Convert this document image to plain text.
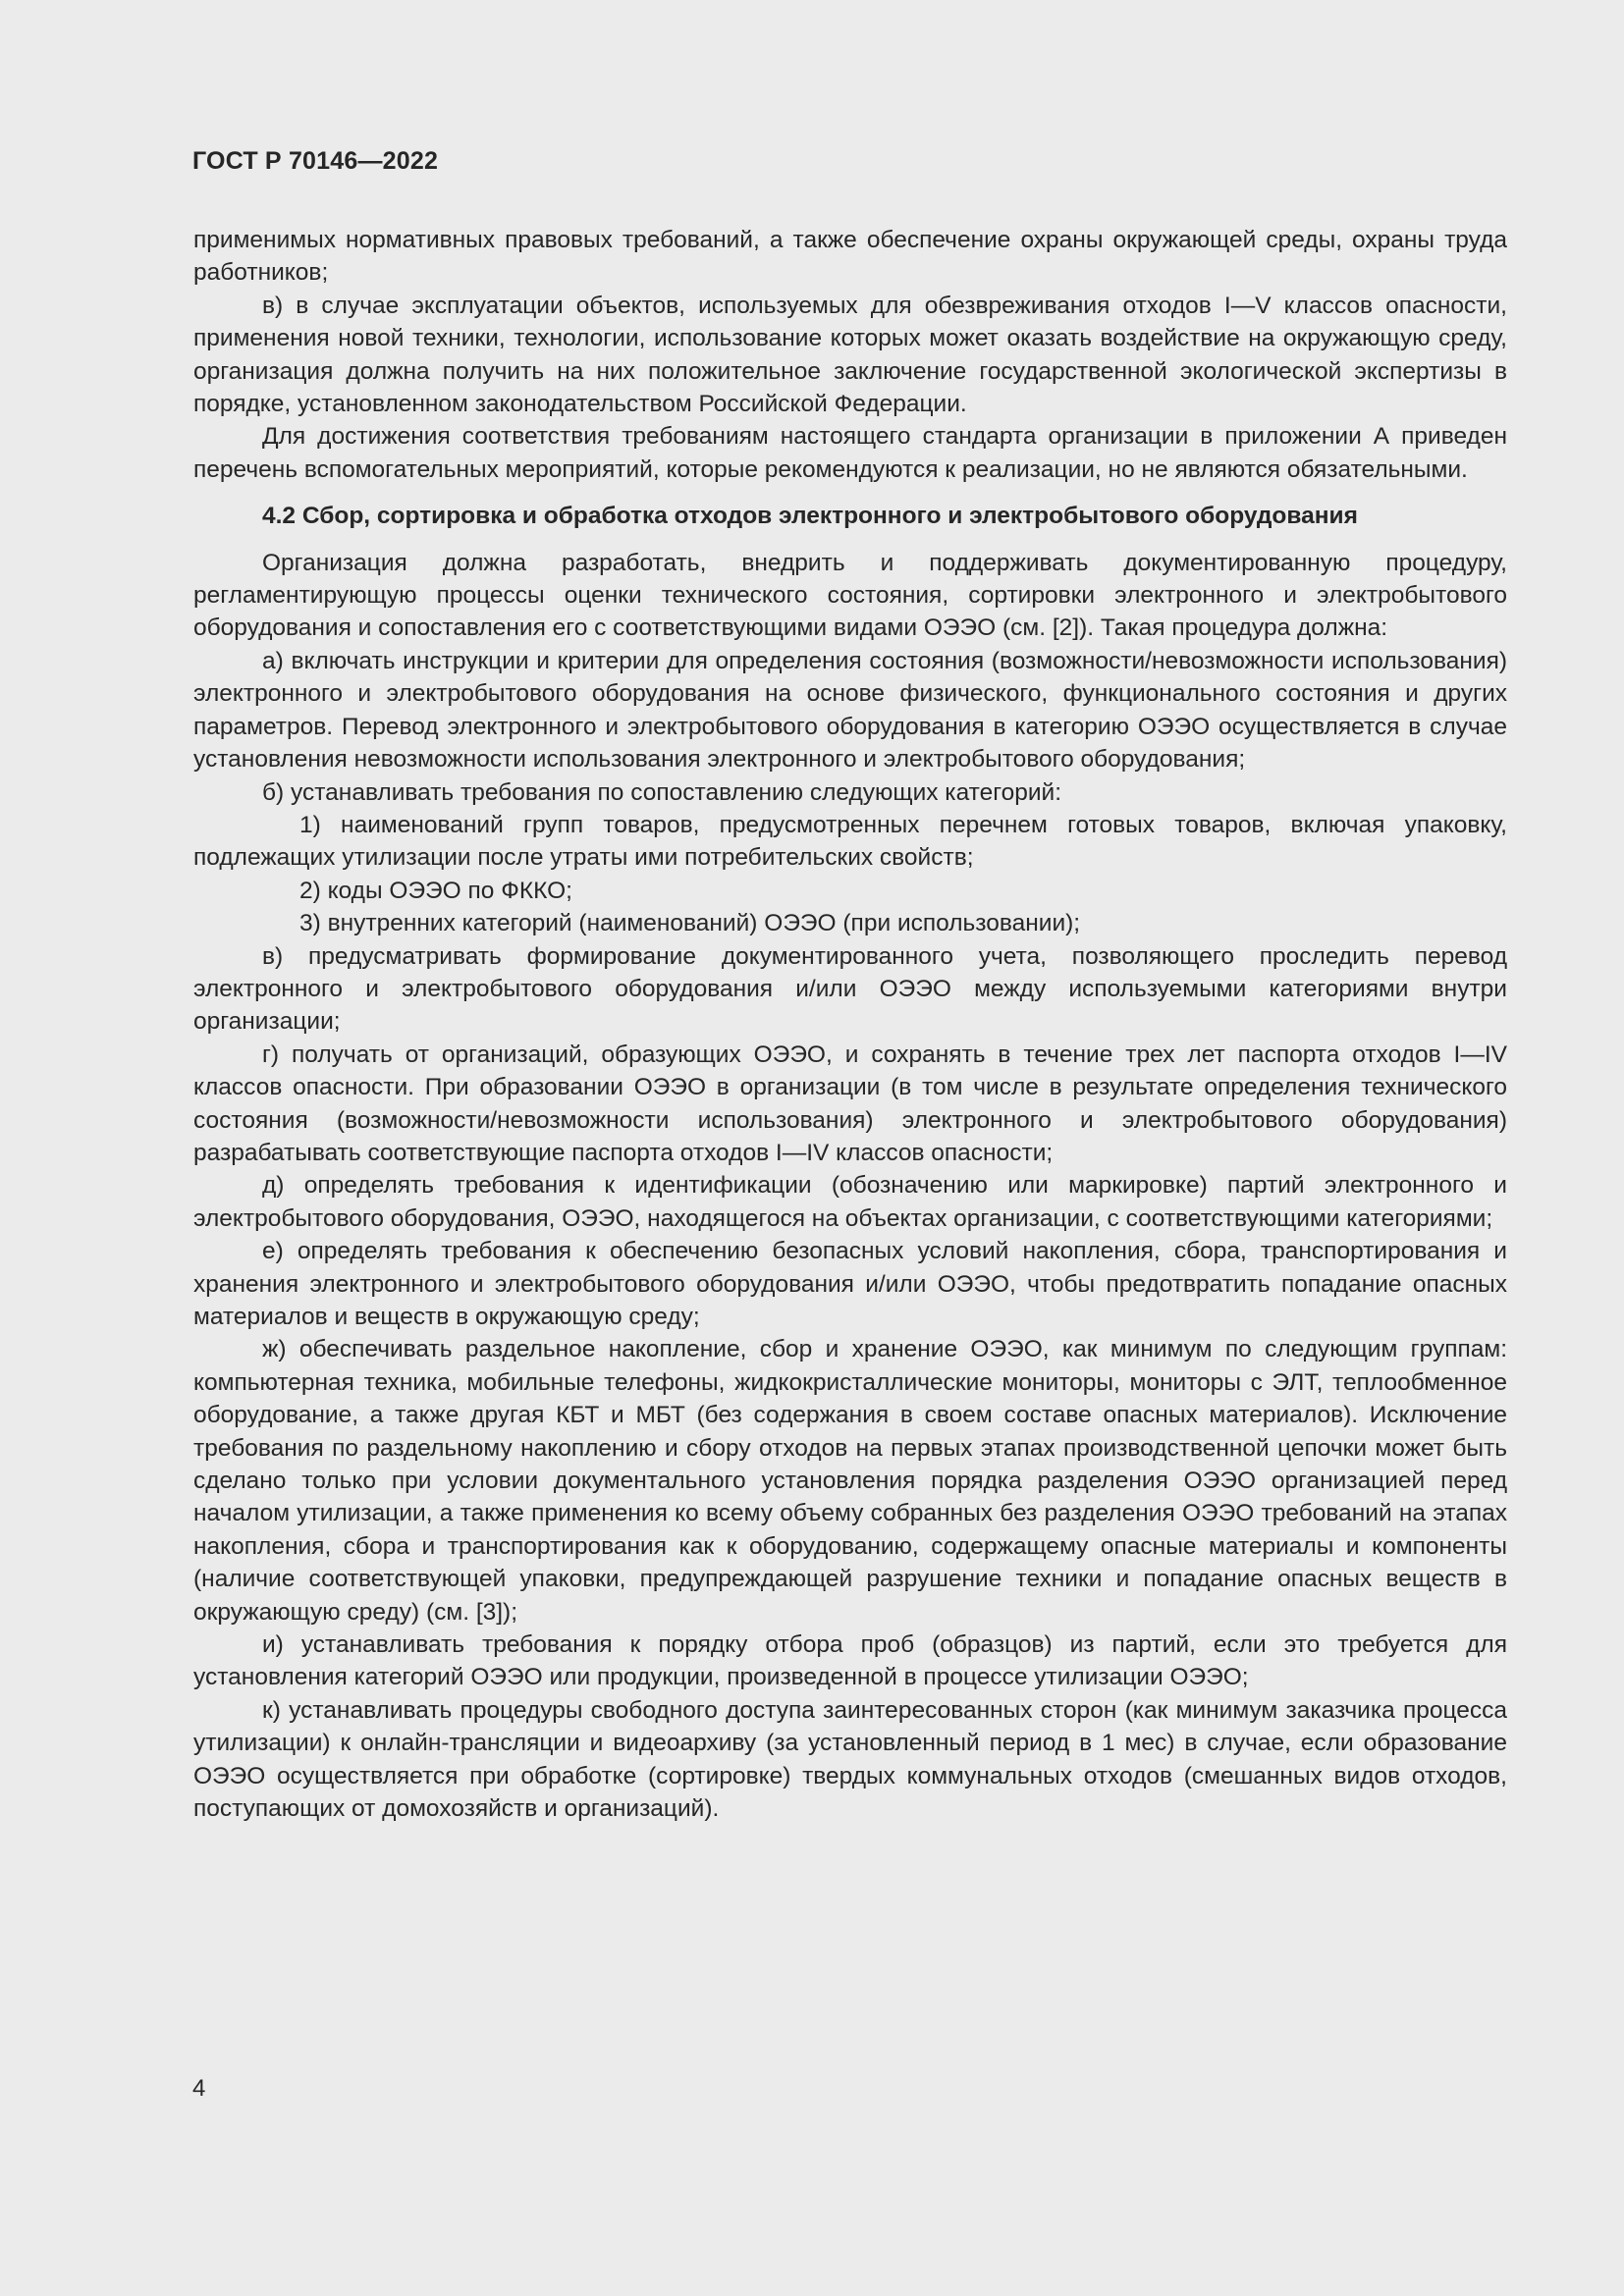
ГОСТ Р 70146—2022

применимых нормативных правовых требований, а также обеспечение охраны окружающей среды, охраны труда работников;

в) в случае эксплуатации объектов, используемых для обезвреживания отходов I—V классов опасности, применения новой техники, технологии, использование которых может оказать воздействие на окружающую среду, организация должна получить на них положительное заключение государственной экологической экспертизы в порядке, установленном законодательством Российской Федерации.

Для достижения соответствия требованиям настоящего стандарта организации в приложении А приведен перечень вспомогательных мероприятий, которые рекомендуются к реализации, но не являются обязательными.

4.2 Сбор, сортировка и обработка отходов электронного и электробытового оборудования

Организация должна разработать, внедрить и поддерживать документированную процедуру, регламентирующую процессы оценки технического состояния, сортировки электронного и электробытового оборудования и сопоставления его с соответствующими видами ОЭЭО (см. [2]). Такая процедура должна:

а) включать инструкции и критерии для определения состояния (возможности/невозможности использования) электронного и электробытового оборудования на основе физического, функционального состояния и других параметров. Перевод электронного и электробытового оборудования в категорию ОЭЭО осуществляется в случае установления невозможности использования электронного и электробытового оборудования;

б) устанавливать требования по сопоставлению следующих категорий:

1) наименований групп товаров, предусмотренных перечнем готовых товаров, включая упаковку, подлежащих утилизации после утраты ими потребительских свойств;

2) коды ОЭЭО по ФККО;

3) внутренних категорий (наименований) ОЭЭО (при использовании);

в) предусматривать формирование документированного учета, позволяющего проследить перевод электронного и электробытового оборудования и/или ОЭЭО между используемыми категориями внутри организации;

г) получать от организаций, образующих ОЭЭО, и сохранять в течение трех лет паспорта отходов I—IV классов опасности. При образовании ОЭЭО в организации (в том числе в результате определения технического состояния (возможности/невозможности использования) электронного и электробытового оборудования) разрабатывать соответствующие паспорта отходов I—IV классов опасности;

д) определять требования к идентификации (обозначению или маркировке) партий электронного и электробытового оборудования, ОЭЭО, находящегося на объектах организации, с соответствующими категориями;

е) определять требования к обеспечению безопасных условий накопления, сбора, транспортирования и хранения электронного и электробытового оборудования и/или ОЭЭО, чтобы предотвратить попадание опасных материалов и веществ в окружающую среду;

ж) обеспечивать раздельное накопление, сбор и хранение ОЭЭО, как минимум по следующим группам: компьютерная техника, мобильные телефоны, жидкокристаллические мониторы, мониторы с ЭЛТ, теплообменное оборудование, а также другая КБТ и МБТ (без содержания в своем составе опасных материалов). Исключение требования по раздельному накоплению и сбору отходов на первых этапах производственной цепочки может быть сделано только при условии документального установления порядка разделения ОЭЭО организацией перед началом утилизации, а также применения ко всему объему собранных без разделения ОЭЭО требований на этапах накопления, сбора и транспортирования как к оборудованию, содержащему опасные материалы и компоненты (наличие соответствующей упаковки, предупреждающей разрушение техники и попадание опасных веществ в окружающую среду) (см. [3]);

и) устанавливать требования к порядку отбора проб (образцов) из партий, если это требуется для установления категорий ОЭЭО или продукции, произведенной в процессе утилизации ОЭЭО;

к) устанавливать процедуры свободного доступа заинтересованных сторон (как минимум заказчика процесса утилизации) к онлайн-трансляции и видеоархиву (за установленный период в 1 мес) в случае, если образование ОЭЭО осуществляется при обработке (сортировке) твердых коммунальных отходов (смешанных видов отходов, поступающих от домохозяйств и организаций).

4
